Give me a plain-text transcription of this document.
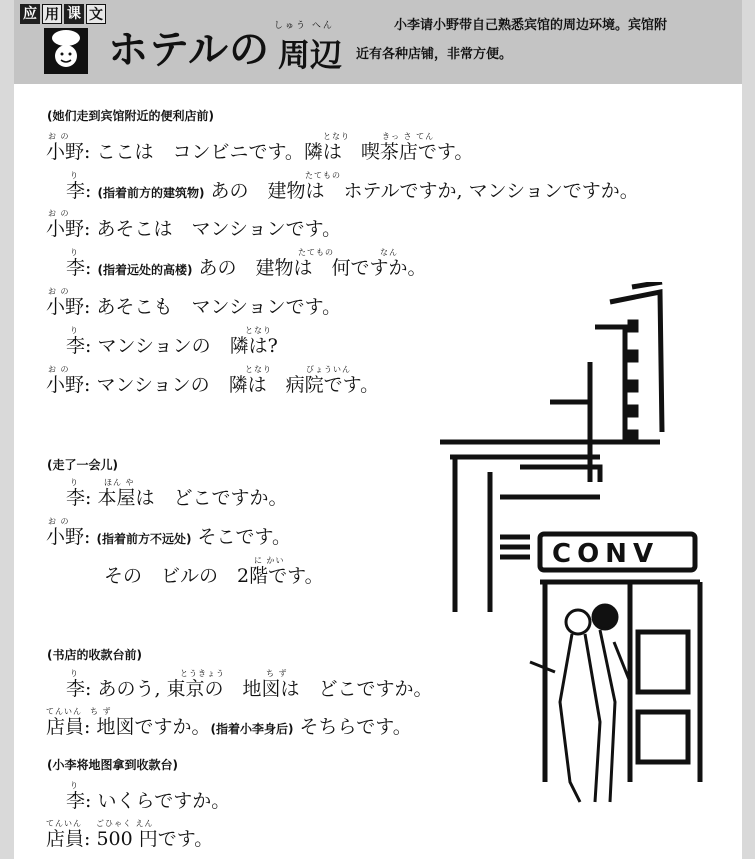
应 用 课 文
ホテルの
しゅう へん
周辺
小李请小野带自己熟悉宾馆的周边环境。宾馆附
近有各种店铺，非常方便。
(她们走到宾馆附近的便利店前)
お の	となり	きっ さ てん
小野: ここは　コンビニです。隣は　喫茶店です。
り	たてもの
李: (指着前方的建筑物) あの　建物は　ホテルですか, マンションですか。
お の
小野: あそこは　マンションです。
り	たてもの	なん
李: (指着远处的高楼) あの　建物は　何ですか。
お の
小野: あそこも　マンションです。
り	となり
李: マンションの　隣は?
お の	となり	びょういん
小野: マンションの　隣は　病院です。
(走了一会儿)
り	ほん や
李: 本屋は　どこですか。
お の
小野: (指着前方不远处) そこです。
に かい
その　ビルの　2階です。
(书店的收款台前)
り	とうきょう	ち ず
李: あのう, 東京の　地図は　どこですか。
てんいん ち ず
店員: 地図ですか。(指着小李身后) そちらです。
(小李将地图拿到收款台)
り
李: いくらですか。
てんいん ごひゃく えん
店員: 500 円です。
CONV
